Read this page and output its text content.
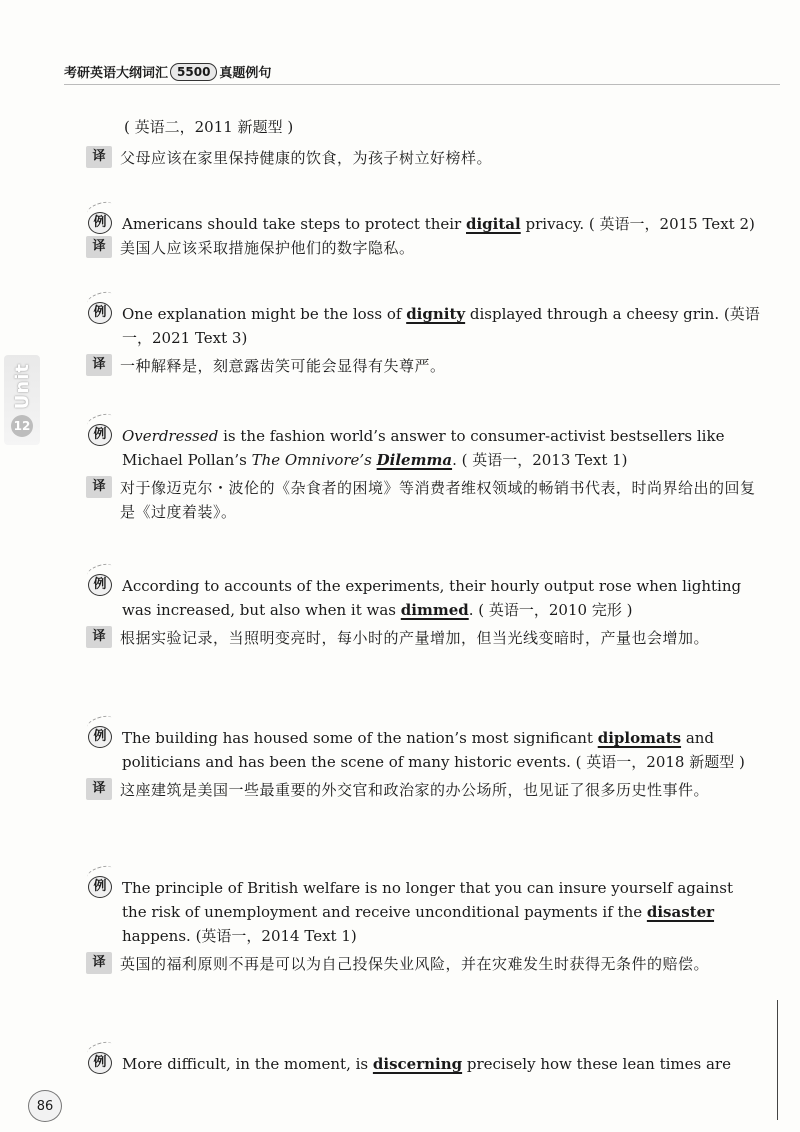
考研英语大纲词汇 5500 真题例句
Unit
12
( 英语二，2011 新题型 )
译 父母应该在家里保持健康的饮食，为孩子树立好榜样。
例	Americans should take steps to protect their digital privacy. ( 英语一，2015 Text 2)
译 美国人应该采取措施保护他们的数字隐私。
例	One explanation might be the loss of dignity displayed through a cheesy grin. (英语一，2021 Text 3)
译 一种解释是，刻意露齿笑可能会显得有失尊严。
例	Overdressed is the fashion world’s answer to consumer-activist bestsellers like Michael Pollan’s The Omnivore’s Dilemma. ( 英语一，2013 Text 1)
译 对于像迈克尔・波伦的《杂食者的困境》等消费者维权领域的畅销书代表，时尚界给出的回复是《过度着装》。
例	According to accounts of the experiments, their hourly output rose when lighting was increased, but also when it was dimmed. ( 英语一，2010 完形 )
译 根据实验记录，当照明变亮时，每小时的产量增加，但当光线变暗时，产量也会增加。
例	The building has housed some of the nation’s most significant diplomats and politicians and has been the scene of many historic events. ( 英语一，2018 新题型 )
译 这座建筑是美国一些最重要的外交官和政治家的办公场所，也见证了很多历史性事件。
例	The principle of British welfare is no longer that you can insure yourself against the risk of unemployment and receive unconditional payments if the disaster happens. (英语一，2014 Text 1)
译 英国的福利原则不再是可以为自己投保失业风险，并在灾难发生时获得无条件的赔偿。
例	More difficult, in the moment, is discerning precisely how these lean times are
86
